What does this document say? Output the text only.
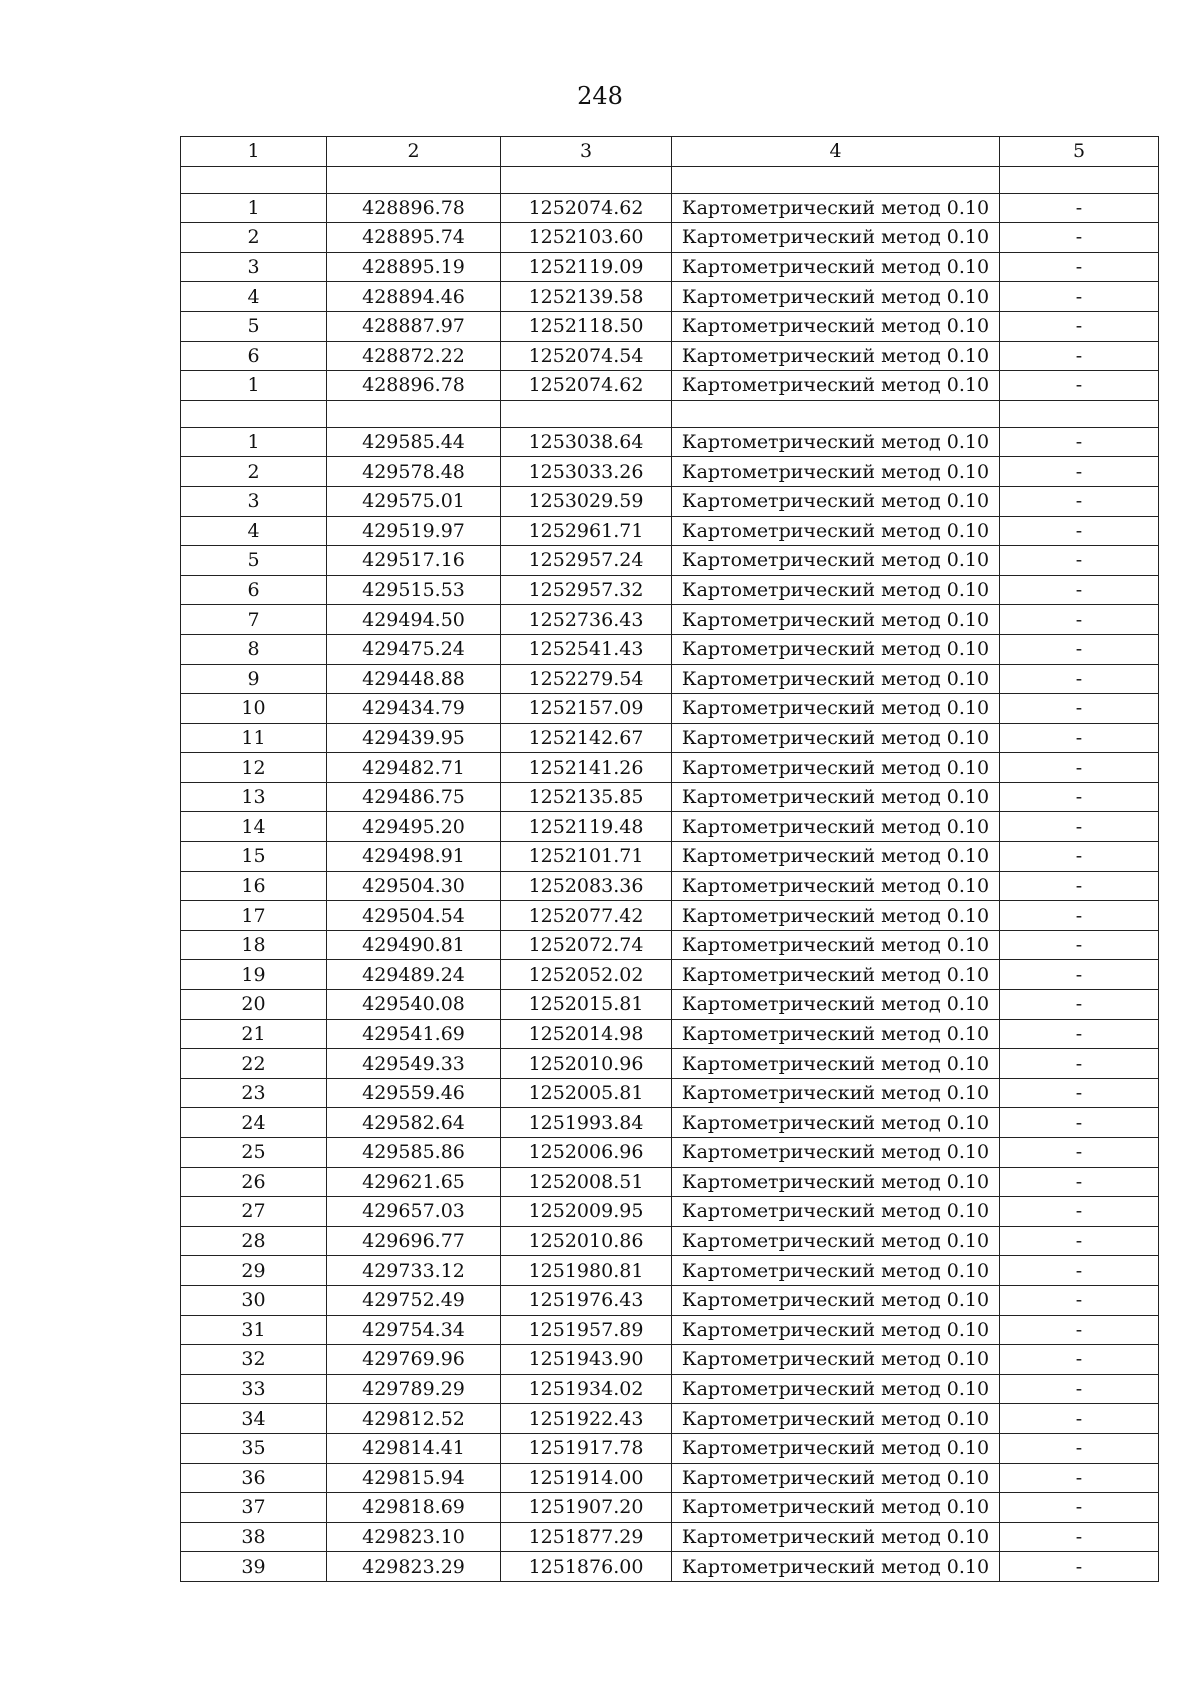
248
1	2	3	4	5

1	428896.78	1252074.62	Картометрический метод 0.10	-
2	428895.74	1252103.60	Картометрический метод 0.10	-
3	428895.19	1252119.09	Картометрический метод 0.10	-
4	428894.46	1252139.58	Картометрический метод 0.10	-
5	428887.97	1252118.50	Картометрический метод 0.10	-
6	428872.22	1252074.54	Картометрический метод 0.10	-
1	428896.78	1252074.62	Картометрический метод 0.10	-

1	429585.44	1253038.64	Картометрический метод 0.10	-
2	429578.48	1253033.26	Картометрический метод 0.10	-
3	429575.01	1253029.59	Картометрический метод 0.10	-
4	429519.97	1252961.71	Картометрический метод 0.10	-
5	429517.16	1252957.24	Картометрический метод 0.10	-
6	429515.53	1252957.32	Картометрический метод 0.10	-
7	429494.50	1252736.43	Картометрический метод 0.10	-
8	429475.24	1252541.43	Картометрический метод 0.10	-
9	429448.88	1252279.54	Картометрический метод 0.10	-
10	429434.79	1252157.09	Картометрический метод 0.10	-
11	429439.95	1252142.67	Картометрический метод 0.10	-
12	429482.71	1252141.26	Картометрический метод 0.10	-
13	429486.75	1252135.85	Картометрический метод 0.10	-
14	429495.20	1252119.48	Картометрический метод 0.10	-
15	429498.91	1252101.71	Картометрический метод 0.10	-
16	429504.30	1252083.36	Картометрический метод 0.10	-
17	429504.54	1252077.42	Картометрический метод 0.10	-
18	429490.81	1252072.74	Картометрический метод 0.10	-
19	429489.24	1252052.02	Картометрический метод 0.10	-
20	429540.08	1252015.81	Картометрический метод 0.10	-
21	429541.69	1252014.98	Картометрический метод 0.10	-
22	429549.33	1252010.96	Картометрический метод 0.10	-
23	429559.46	1252005.81	Картометрический метод 0.10	-
24	429582.64	1251993.84	Картометрический метод 0.10	-
25	429585.86	1252006.96	Картометрический метод 0.10	-
26	429621.65	1252008.51	Картометрический метод 0.10	-
27	429657.03	1252009.95	Картометрический метод 0.10	-
28	429696.77	1252010.86	Картометрический метод 0.10	-
29	429733.12	1251980.81	Картометрический метод 0.10	-
30	429752.49	1251976.43	Картометрический метод 0.10	-
31	429754.34	1251957.89	Картометрический метод 0.10	-
32	429769.96	1251943.90	Картометрический метод 0.10	-
33	429789.29	1251934.02	Картометрический метод 0.10	-
34	429812.52	1251922.43	Картометрический метод 0.10	-
35	429814.41	1251917.78	Картометрический метод 0.10	-
36	429815.94	1251914.00	Картометрический метод 0.10	-
37	429818.69	1251907.20	Картометрический метод 0.10	-
38	429823.10	1251877.29	Картометрический метод 0.10	-
39	429823.29	1251876.00	Картометрический метод 0.10	-
